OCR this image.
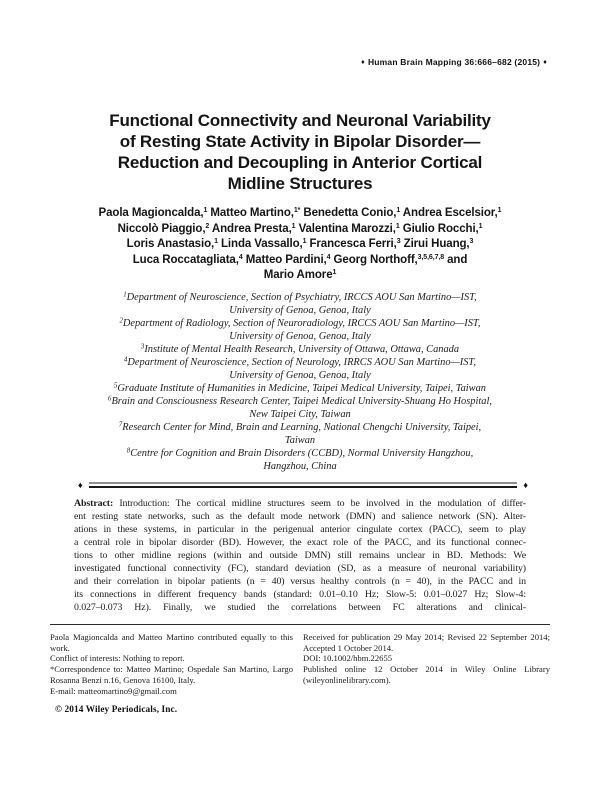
♦ Human Brain Mapping 36:666–682 (2015) ♦
Functional Connectivity and Neuronal Variability
of Resting State Activity in Bipolar Disorder—
Reduction and Decoupling in Anterior Cortical
Midline Structures
Paola Magioncalda,$^1$ Matteo Martino,$^{1*}$ Benedetta Conio,$^1$ Andrea Escelsior,$^1$
Niccolò Piaggio,$^2$ Andrea Presta,$^1$ Valentina Marozzi,$^1$ Giulio Rocchi,$^1$
Loris Anastasio,$^1$ Linda Vassallo,$^1$ Francesca Ferri,$^3$ Zirui Huang,$^3$
Luca Roccatagliata,$^4$ Matteo Pardini,$^4$ Georg Northoff,$^{3,5,6,7,8}$ and
Mario Amore$^1$
$^1$Department of Neuroscience, Section of Psychiatry, IRCCS AOU San Martino—IST,
University of Genoa, Genoa, Italy
$^2$Department of Radiology, Section of Neuroradiology, IRCCS AOU San Martino—IST,
University of Genoa, Genoa, Italy
$^3$Institute of Mental Health Research, University of Ottawa, Ottawa, Canada
$^4$Department of Neuroscience, Section of Neurology, IRRCS AOU San Martino—IST,
University of Genoa, Genoa, Italy
$^5$Graduate Institute of Humanities in Medicine, Taipei Medical University, Taipei, Taiwan
$^6$Brain and Consciousness Research Center, Taipei Medical University-Shuang Ho Hospital,
New Taipei City, Taiwan
$^7$Research Center for Mind, Brain and Learning, National Chengchi University, Taipei,
Taiwan
$^8$Centre for Cognition and Brain Disorders (CCBD), Normal University Hangzhou,
Hangzhou, China
♦	♦
Abstract: Introduction: The cortical midline structures seem to be involved in the modulation of differ-
ent resting state networks, such as the default mode network (DMN) and salience network (SN). Alter-
ations in these systems, in particular in the perigenual anterior cingulate cortex (PACC), seem to play
a central role in bipolar disorder (BD). However, the exact role of the PACC, and its functional connec-
tions to other midline regions (within and outside DMN) still remains unclear in BD. Methods: We
investigated functional connectivity (FC), standard deviation (SD, as a measure of neuronal variability)
and their correlation in bipolar patients (n = 40) versus healthy controls (n = 40), in the PACC and in
its connections in different frequency bands (standard: 0.01–0.10 Hz; Slow-5: 0.01–0.027 Hz; Slow-4:
0.027–0.073 Hz). Finally, we studied the correlations between FC alterations and clinical-

Paola Magioncalda and Matteo Martino contributed equally to this work.

Conflict of interests: Nothing to report.

*Correspondence to: Matteo Martino; Ospedale San Martino, Largo Rosanna Benzi n.16, Genova 16100, Italy.

E-mail: matteomartino9@gmail.com

Received for publication 29 May 2014; Revised 22 September 2014; Accepted 1 October 2014.

DOI: 10.1002/hbm.22655

Published online 12 October 2014 in Wiley Online Library (wileyonlinelibrary.com).

© 2014 Wiley Periodicals, Inc.
